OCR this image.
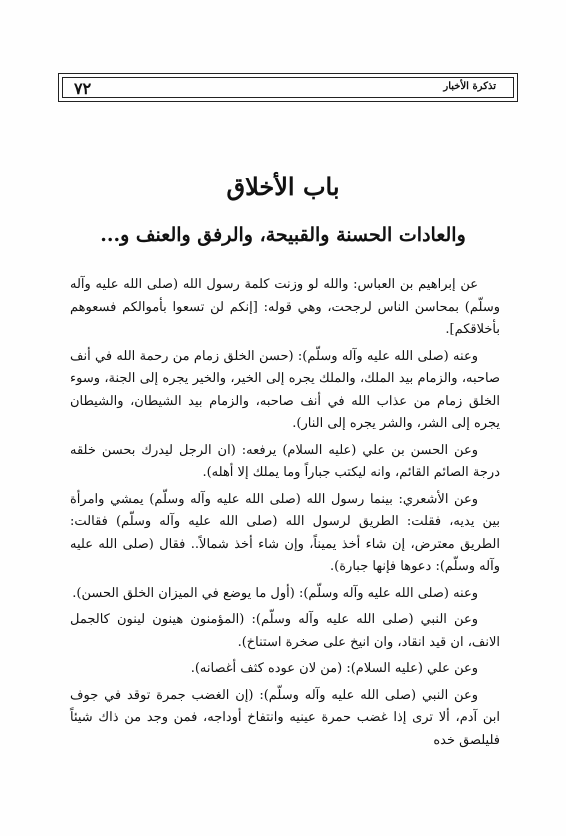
٧٢	تذكرة الأخبار
باب الأخلاق
والعادات الحسنة والقبيحة، والرفق والعنف و...

عن إبراهيم بن العباس: والله لو وزنت كلمة رسول الله (صلى الله عليه وآله وسلّم) بمحاسن الناس لرجحت، وهي قوله: [إنكم لن تسعوا بأموالكم فسعوهم بأخلاقكم].

وعنه (صلى الله عليه وآله وسلّم): (حسن الخلق زمام من رحمة الله في أنف صاحبه، والزمام بيد الملك، والملك يجره إلى الخير، والخير يجره إلى الجنة، وسوء الخلق زمام من عذاب الله في أنف صاحبه، والزمام بيد الشيطان، والشيطان يجره إلى الشر، والشر يجره إلى النار).

وعن الحسن بن علي (عليه السلام) يرفعه: (ان الرجل ليدرك بحسن خلقه درجة الصائم القائم، وانه ليكتب جباراً وما يملك إلا أهله).

وعن الأشعري: بينما رسول الله (صلى الله عليه وآله وسلّم) يمشي وامرأة بين يديه، فقلت: الطريق لرسول الله (صلى الله عليه وآله وسلّم) فقالت: الطريق معترض، إن شاء أخذ يميناً، وإن شاء أخذ شمالاً.. فقال (صلى الله عليه وآله وسلّم): دعوها فإنها جبارة).

وعنه (صلى الله عليه وآله وسلّم): (أول ما يوضع في الميزان الخلق الحسن).

وعن النبي (صلى الله عليه وآله وسلّم): (المؤمنون هينون لينون كالجمل الانف، ان قيد انقاد، وان انيخ على صخرة استناخ).

وعن علي (عليه السلام): (من لان عوده كثف أغصانه).

وعن النبي (صلى الله عليه وآله وسلّم): (إن الغضب جمرة توقد في جوف ابن آدم، ألا ترى إذا غضب حمرة عينيه وانتفاخ أوداجه، فمن وجد من ذاك شيئاً فليلصق خده
